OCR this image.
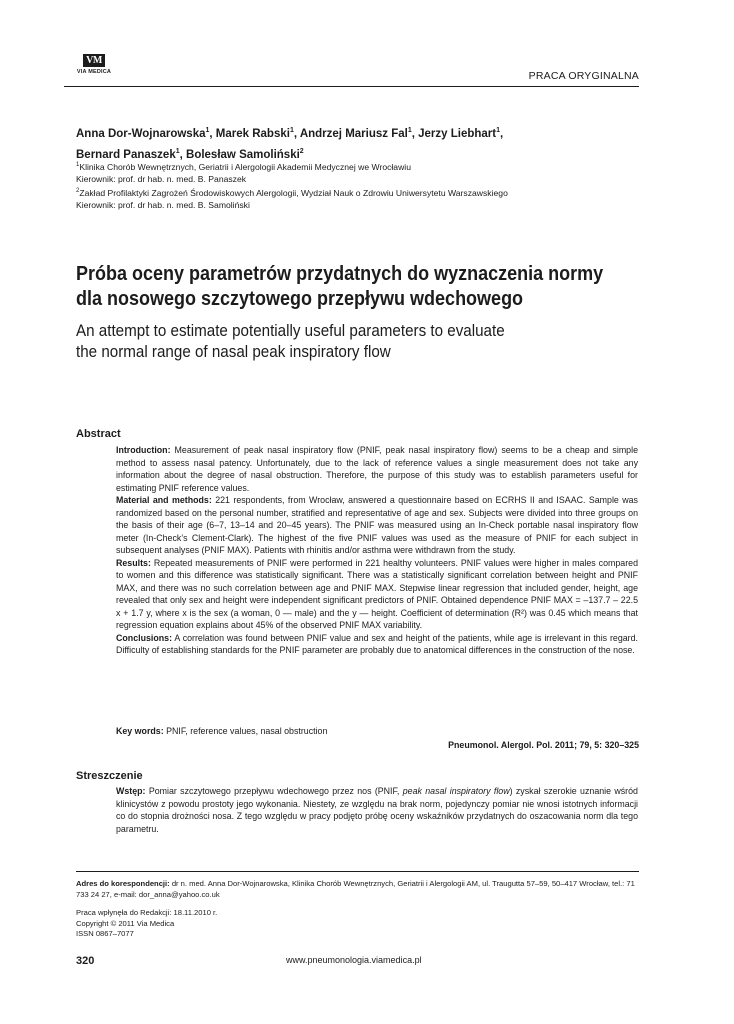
VM
VIA MEDICA	PRACA ORYGINALNA
Anna Dor-Wojnarowska$^1$, Marek Rabski$^1$, Andrzej Mariusz Fal$^1$, Jerzy Liebhart$^1$,
Bernard Panaszek$^1$, Bolesław Samoliński$^2$
$^1$Klinika Chorób Wewnętrznych, Geriatrii i Alergologii Akademii Medycznej we Wrocławiu
Kierownik: prof. dr hab. n. med. B. Panaszek
$^2$Zakład Profilaktyki Zagrożeń Środowiskowych Alergologii, Wydział Nauk o Zdrowiu Uniwersytetu Warszawskiego
Kierownik: prof. dr hab. n. med. B. Samoliński
Próba oceny parametrów przydatnych do wyznaczenia normy
dla nosowego szczytowego przepływu wdechowego
An attempt to estimate potentially useful parameters to evaluate
the normal range of nasal peak inspiratory flow
Abstract

Introduction: Measurement of peak nasal inspiratory flow (PNIF, peak nasal inspiratory flow) seems to be a cheap and simple method to assess nasal patency. Unfortunately, due to the lack of reference values a single measurement does not take any information about the degree of nasal obstruction. Therefore, the purpose of this study was to establish parameters useful for estimating PNIF reference values.

Material and methods: 221 respondents, from Wrocław, answered a questionnaire based on ECRHS II and ISAAC. Sample was randomized based on the personal number, stratified and representative of age and sex. Subjects were divided into three groups on the basis of their age (6–7, 13–14 and 20–45 years). The PNIF was measured using an In-Check portable nasal inspiratory flow meter (In-Check’s Clement-Clark). The highest of the five PNIF values was used as the measure of PNIF for each subject in subsequent analyses (PNIF MAX). Patients with rhinitis and/or asthma were withdrawn from the study.

Results: Repeated measurements of PNIF were performed in 221 healthy volunteers. PNIF values were higher in males compared to women and this difference was statistically significant. There was a statistically significant correlation between height and PNIF MAX, and there was no such correlation between age and PNIF MAX. Stepwise linear regression that included gender, height, age revealed that only sex and height were independent significant predictors of PNIF. Obtained dependence PNIF MAX = –137.7 – 22.5 x + 1.7 y, where x is the sex (a woman, 0 — male) and the y — height. Coefficient of determination (R²) was 0.45 which means that regression equation explains about 45% of the observed PNIF MAX variability.

Conclusions: A correlation was found between PNIF value and sex and height of the patients, while age is irrelevant in this regard. Difficulty of establishing standards for the PNIF parameter are probably due to anatomical differences in the construction of the nose.

Key words: PNIF, reference values, nasal obstruction
Pneumonol. Alergol. Pol. 2011; 79, 5: 320–325
Streszczenie

Wstęp: Pomiar szczytowego przepływu wdechowego przez nos (PNIF, peak nasal inspiratory flow) zyskał szerokie uznanie wśród klinicystów z powodu prostoty jego wykonania. Niestety, ze względu na brak norm, pojedynczy pomiar nie wnosi istotnych informacji co do stopnia drożności nosa. Z tego względu w pracy podjęto próbę oceny wskaźników przydatnych do oszacowania norm dla tego parametru.

Adres do korespondencji: dr n. med. Anna Dor-Wojnarowska, Klinika Chorób Wewnętrznych, Geriatrii i Alergologii AM, ul. Traugutta 57–59, 50–417 Wrocław, tel.: 71 733 24 27, e-mail: dor_anna@yahoo.co.uk
Praca wpłynęła do Redakcji: 18.11.2010 r.
Copyright © 2011 Via Medica
ISSN 0867–7077
320	www.pneumonologia.viamedica.pl
